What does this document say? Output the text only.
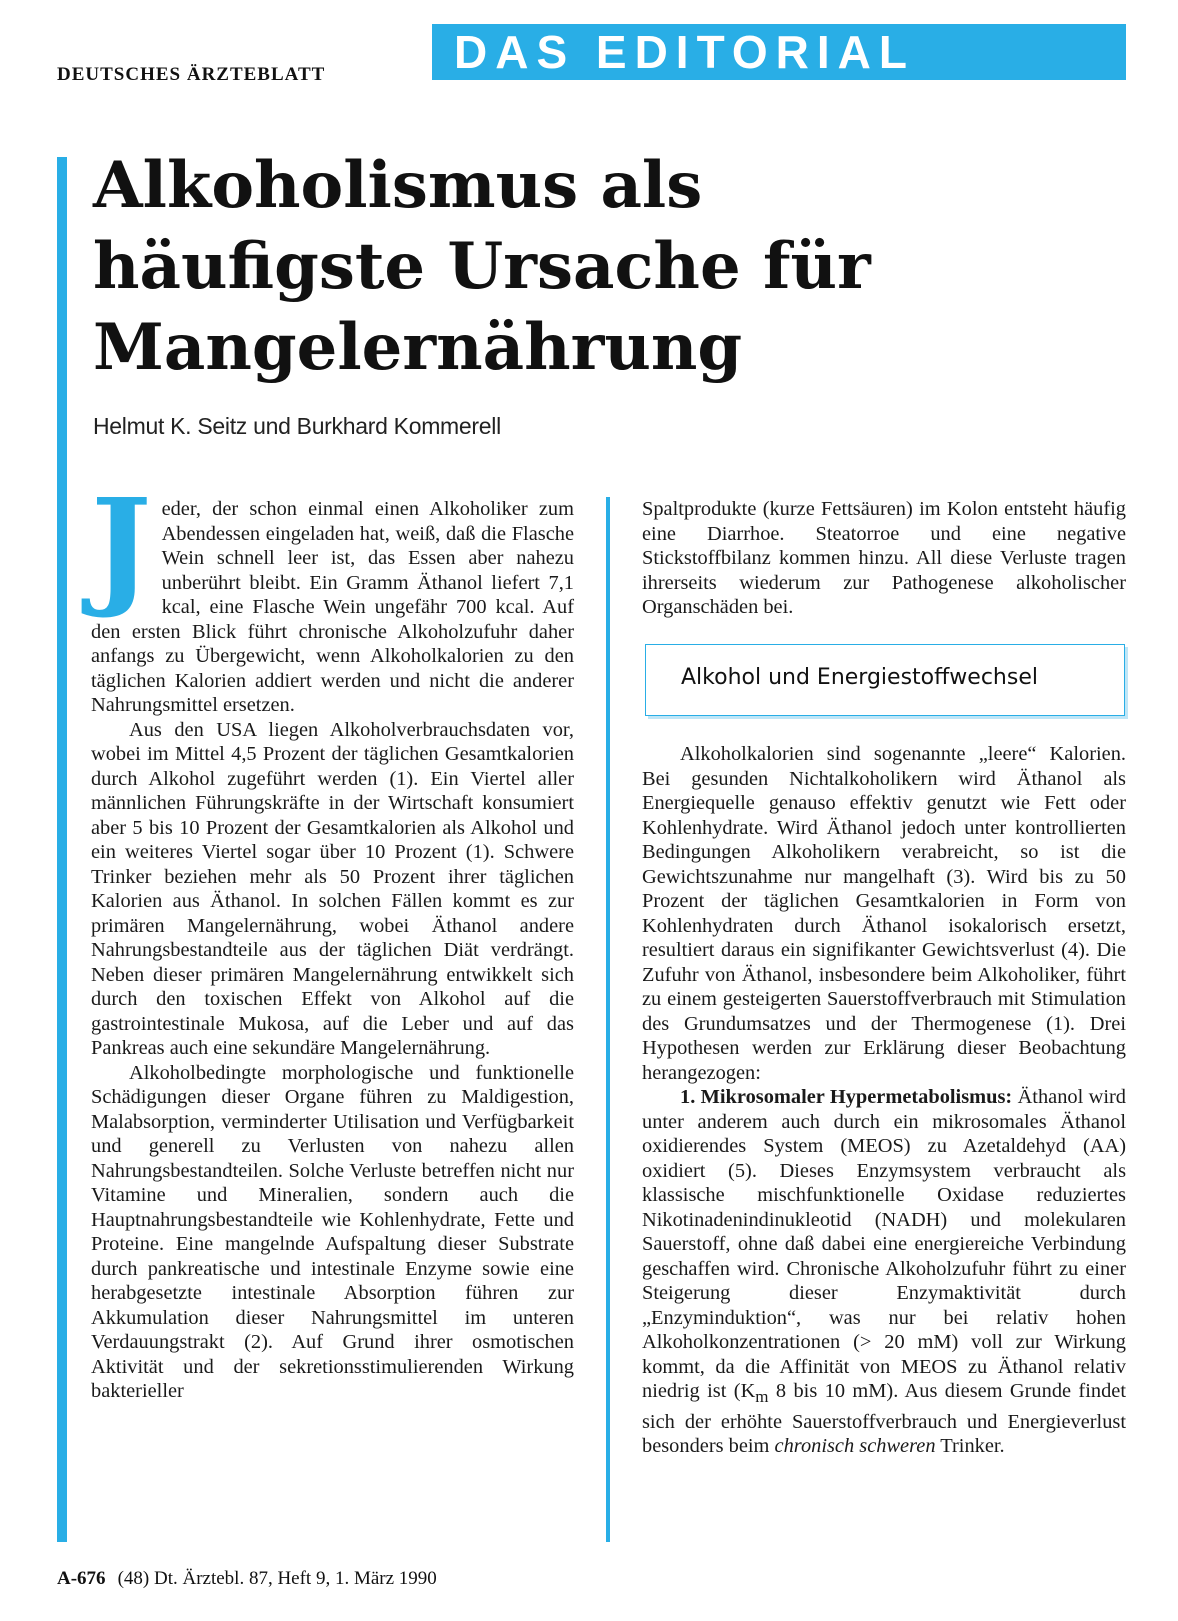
DEUTSCHES ÄRZTEBLATT	DAS EDITORIAL
Alkoholismus als häufigste Ursache für Mangelernährung
Helmut K. Seitz und Burkhard Kommerell
J eder, der schon einmal einen Alkoholiker zum Abendessen eingeladen hat, weiß, daß die Flasche Wein schnell leer ist, das Essen aber nahezu unberührt bleibt. Ein Gramm Äthanol liefert 7,1 kcal, eine Flasche Wein ungefähr 700 kcal. Auf den ersten Blick führt chronische Alkoholzufuhr daher anfangs zu Übergewicht, wenn Alkoholkalorien zu den täglichen Kalorien addiert werden und nicht die anderer Nahrungsmittel ersetzen.

Aus den USA liegen Alkoholverbrauchsdaten vor, wobei im Mittel 4,5 Prozent der täglichen Gesamtkalorien durch Alkohol zugeführt werden (1). Ein Viertel aller männlichen Führungskräfte in der Wirtschaft konsumiert aber 5 bis 10 Prozent der Gesamtkalorien als Alkohol und ein weiteres Viertel sogar über 10 Prozent (1). Schwere Trinker beziehen mehr als 50 Prozent ihrer täglichen Kalorien aus Äthanol. In solchen Fällen kommt es zur primären Mangelernährung, wobei Äthanol andere Nahrungsbestandteile aus der täglichen Diät verdrängt. Neben dieser primären Mangelernährung entwikkelt sich durch den toxischen Effekt von Alkohol auf die gastrointestinale Mukosa, auf die Leber und auf das Pankreas auch eine sekundäre Mangelernährung.

Alkoholbedingte morphologische und funktionelle Schädigungen dieser Organe führen zu Maldigestion, Malabsorption, verminderter Utilisation und Verfügbarkeit und generell zu Verlusten von nahezu allen Nahrungsbestandteilen. Solche Verluste betreffen nicht nur Vitamine und Mineralien, sondern auch die Hauptnahrungsbestandteile wie Kohlenhydrate, Fette und Proteine. Eine mangelnde Aufspaltung dieser Substrate durch pankreatische und intestinale Enzyme sowie eine herabgesetzte intestinale Absorption führen zur Akkumulation dieser Nahrungsmittel im unteren Verdauungstrakt (2). Auf Grund ihrer osmotischen Aktivität und der sekretionsstimulierenden Wirkung bakterieller

Spaltprodukte (kurze Fettsäuren) im Kolon entsteht häufig eine Diarrhoe. Steatorroe und eine negative Stickstoffbilanz kommen hinzu. All diese Verluste tragen ihrerseits wiederum zur Pathogenese alkoholischer Organschäden bei.

Alkohol und Energiestoffwechsel

Alkoholkalorien sind sogenannte „leere“ Kalorien. Bei gesunden Nichtalkoholikern wird Äthanol als Energiequelle genauso effektiv genutzt wie Fett oder Kohlenhydrate. Wird Äthanol jedoch unter kontrollierten Bedingungen Alkoholikern verabreicht, so ist die Gewichtszunahme nur mangelhaft (3). Wird bis zu 50 Prozent der täglichen Gesamtkalorien in Form von Kohlenhydraten durch Äthanol isokalorisch ersetzt, resultiert daraus ein signifikanter Gewichtsverlust (4). Die Zufuhr von Äthanol, insbesondere beim Alkoholiker, führt zu einem gesteigerten Sauerstoffverbrauch mit Stimulation des Grundumsatzes und der Thermogenese (1). Drei Hypothesen werden zur Erklärung dieser Beobachtung herangezogen:

1. Mikrosomaler Hypermetabolismus: Äthanol wird unter anderem auch durch ein mikrosomales Äthanol oxidierendes System (MEOS) zu Azetaldehyd (AA) oxidiert (5). Dieses Enzymsystem verbraucht als klassische mischfunktionelle Oxidase reduziertes Nikotinadenindinukleotid (NADH) und molekularen Sauerstoff, ohne daß dabei eine energiereiche Verbindung geschaffen wird. Chronische Alkoholzufuhr führt zu einer Steigerung dieser Enzymaktivität durch „Enzyminduktion“, was nur bei relativ hohen Alkoholkonzentrationen (> 20 mM) voll zur Wirkung kommt, da die Affinität von MEOS zu Äthanol relativ niedrig ist ($K_m$ 8 bis 10 mM). Aus diesem Grunde findet sich der erhöhte Sauerstoffverbrauch und Energieverlust besonders beim chronisch schweren Trinker.

A-676 (48) Dt. Ärztebl. 87, Heft 9, 1. März 1990
